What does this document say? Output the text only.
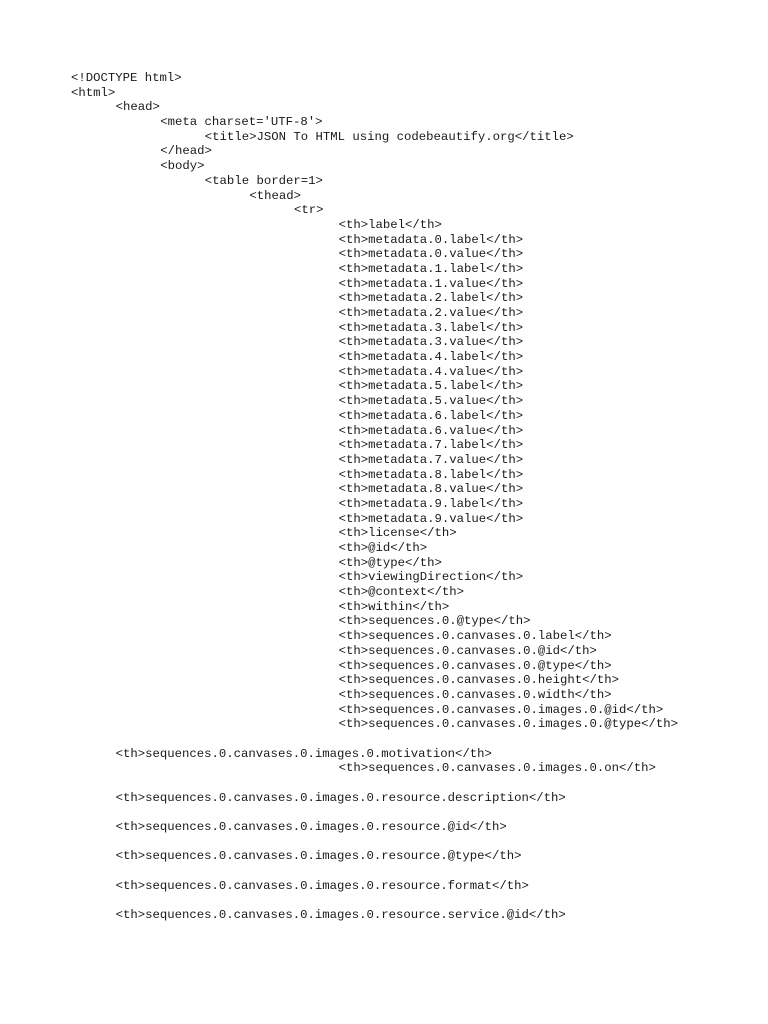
<!DOCTYPE html>
<html>
<head>
<meta charset='UTF-8'>
<title>JSON To HTML using codebeautify.org</title>
</head>
<body>
<table border=1>
<thead>
<tr>
<th>label</th>
<th>metadata.0.label</th>
<th>metadata.0.value</th>
<th>metadata.1.label</th>
<th>metadata.1.value</th>
<th>metadata.2.label</th>
<th>metadata.2.value</th>
<th>metadata.3.label</th>
<th>metadata.3.value</th>
<th>metadata.4.label</th>
<th>metadata.4.value</th>
<th>metadata.5.label</th>
<th>metadata.5.value</th>
<th>metadata.6.label</th>
<th>metadata.6.value</th>
<th>metadata.7.label</th>
<th>metadata.7.value</th>
<th>metadata.8.label</th>
<th>metadata.8.value</th>
<th>metadata.9.label</th>
<th>metadata.9.value</th>
<th>license</th>
<th>@id</th>
<th>@type</th>
<th>viewingDirection</th>
<th>@context</th>
<th>within</th>
<th>sequences.0.@type</th>
<th>sequences.0.canvases.0.label</th>
<th>sequences.0.canvases.0.@id</th>
<th>sequences.0.canvases.0.@type</th>
<th>sequences.0.canvases.0.height</th>
<th>sequences.0.canvases.0.width</th>
<th>sequences.0.canvases.0.images.0.@id</th>
<th>sequences.0.canvases.0.images.0.@type</th>
<th>sequences.0.canvases.0.images.0.motivation</th>
<th>sequences.0.canvases.0.images.0.on</th>
<th>sequences.0.canvases.0.images.0.resource.description</th>
<th>sequences.0.canvases.0.images.0.resource.@id</th>
<th>sequences.0.canvases.0.images.0.resource.@type</th>
<th>sequences.0.canvases.0.images.0.resource.format</th>
<th>sequences.0.canvases.0.images.0.resource.service.@id</th>
